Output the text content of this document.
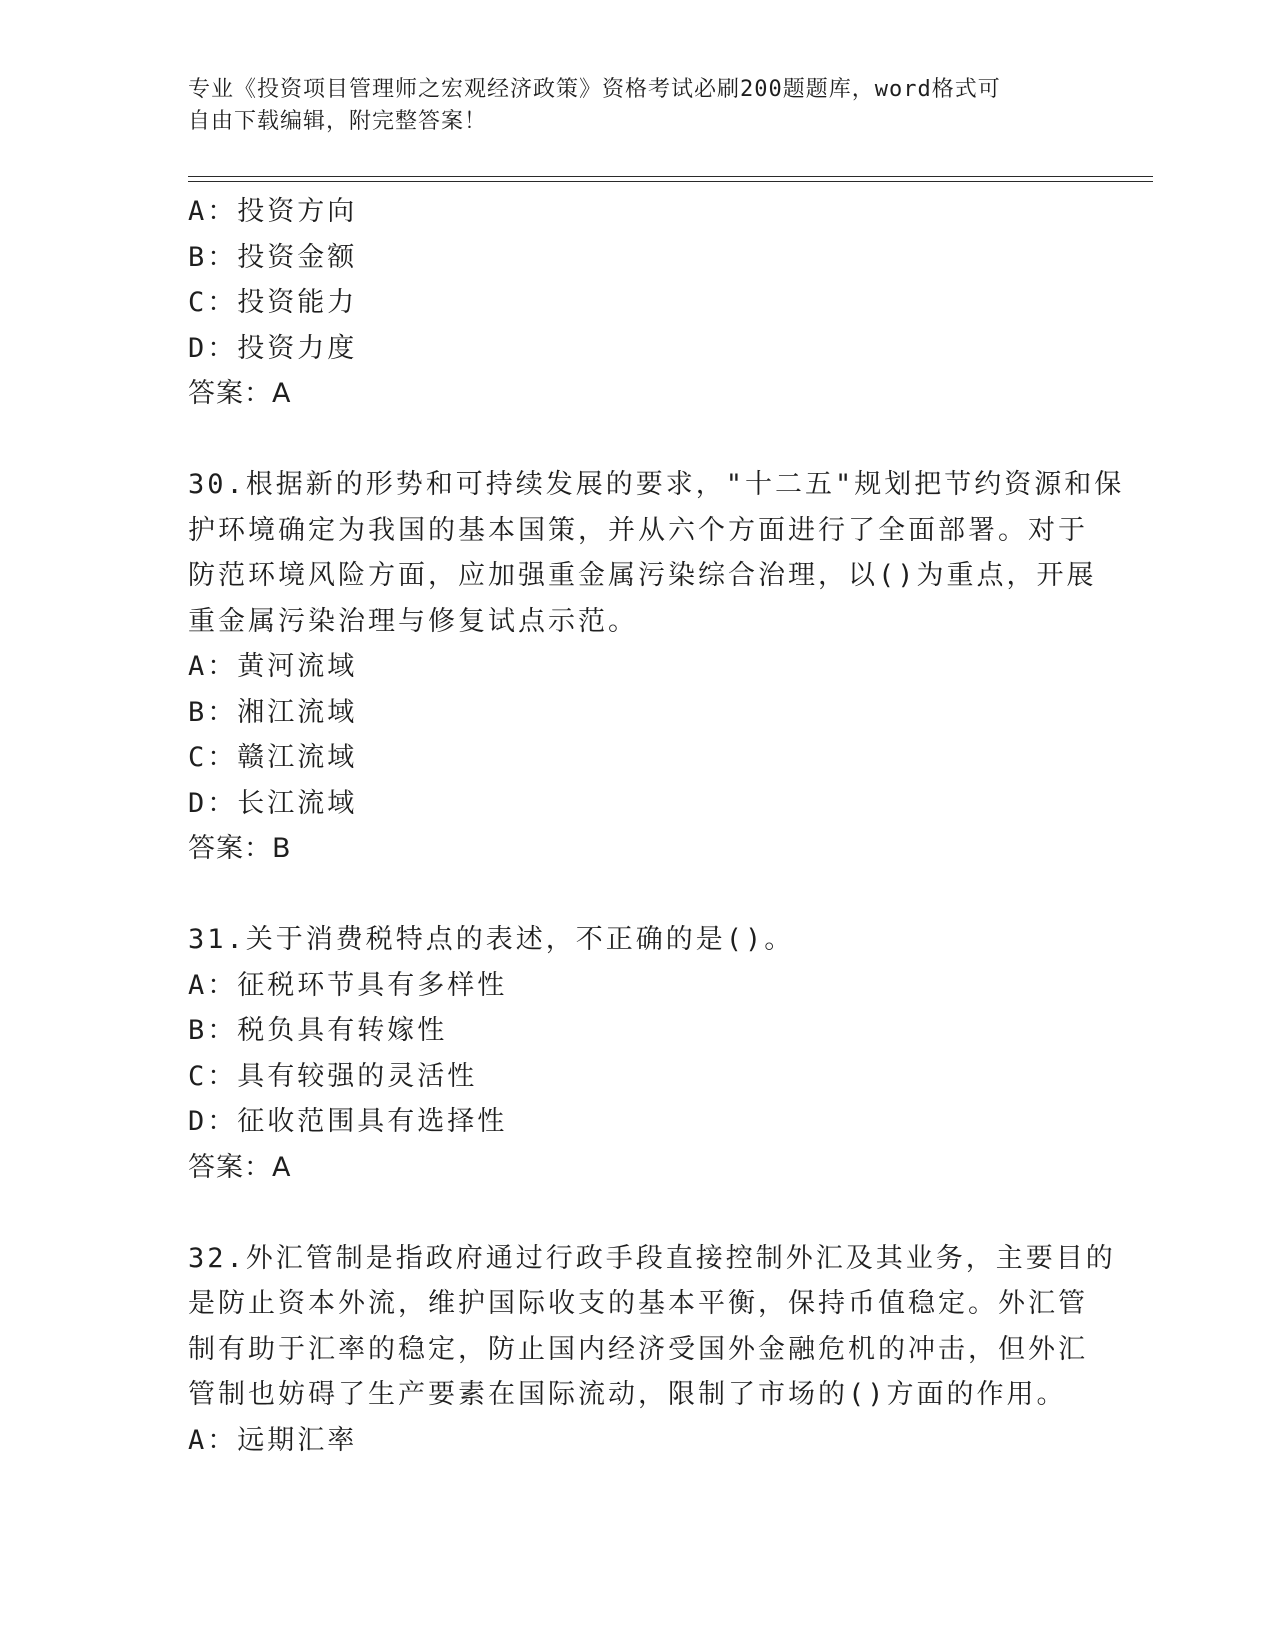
专业《投资项目管理师之宏观经济政策》资格考试必刷200题题库，word格式可
自由下载编辑，附完整答案！
A：投资方向
B：投资金额
C：投资能力
D：投资力度
答案：A
30.根据新的形势和可持续发展的要求，"十二五"规划把节约资源和保
护环境确定为我国的基本国策，并从六个方面进行了全面部署。对于
防范环境风险方面，应加强重金属污染综合治理，以()为重点，开展
重金属污染治理与修复试点示范。
A：黄河流域
B：湘江流域
C：赣江流域
D：长江流域
答案：B
31.关于消费税特点的表述，不正确的是()。
A：征税环节具有多样性
B：税负具有转嫁性
C：具有较强的灵活性
D：征收范围具有选择性
答案：A
32.外汇管制是指政府通过行政手段直接控制外汇及其业务，主要目的
是防止资本外流，维护国际收支的基本平衡，保持币值稳定。外汇管
制有助于汇率的稳定，防止国内经济受国外金融危机的冲击，但外汇
管制也妨碍了生产要素在国际流动，限制了市场的()方面的作用。
A：远期汇率
